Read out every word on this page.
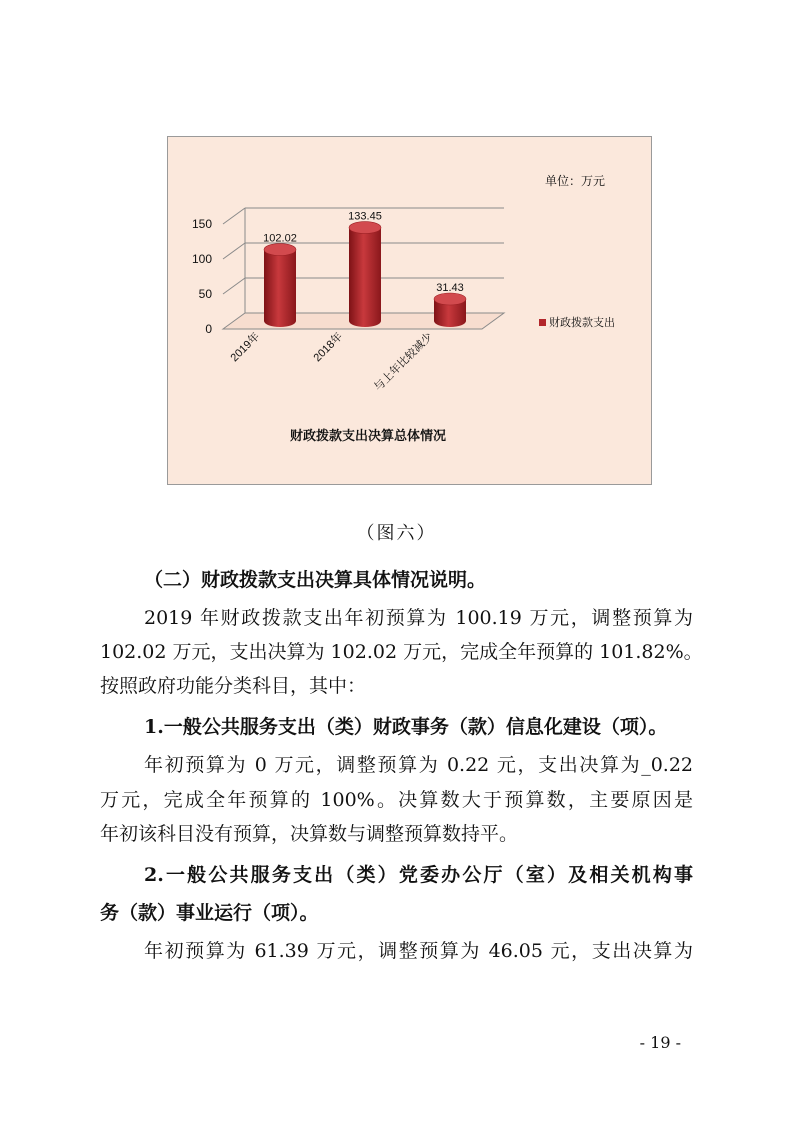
0
50
100
150
2019年	2018年 与上年比较减少
102.02
133.45
31.43
单位：万元
财政拨款支出
财政拨款支出决算总体情况
（图六）
（二）财政拨款支出决算具体情况说明。
2019 年财政拨款支出年初预算为 100.19 万元，调整预算为
102.02 万元，支出决算为 102.02 万元，完成全年预算的 101.82%。
按照政府功能分类科目，其中：
1.一般公共服务支出（类）财政事务（款）信息化建设（项）。
年初预算为 0 万元，调整预算为 0.22 元，支出决算为_0.22
万元，完成全年预算的 100%。决算数大于预算数，主要原因是
年初该科目没有预算，决算数与调整预算数持平。
2.一般公共服务支出（类）党委办公厅（室）及相关机构事
务（款）事业运行（项）。
年初预算为 61.39 万元，调整预算为 46.05 元，支出决算为
- 19 -
